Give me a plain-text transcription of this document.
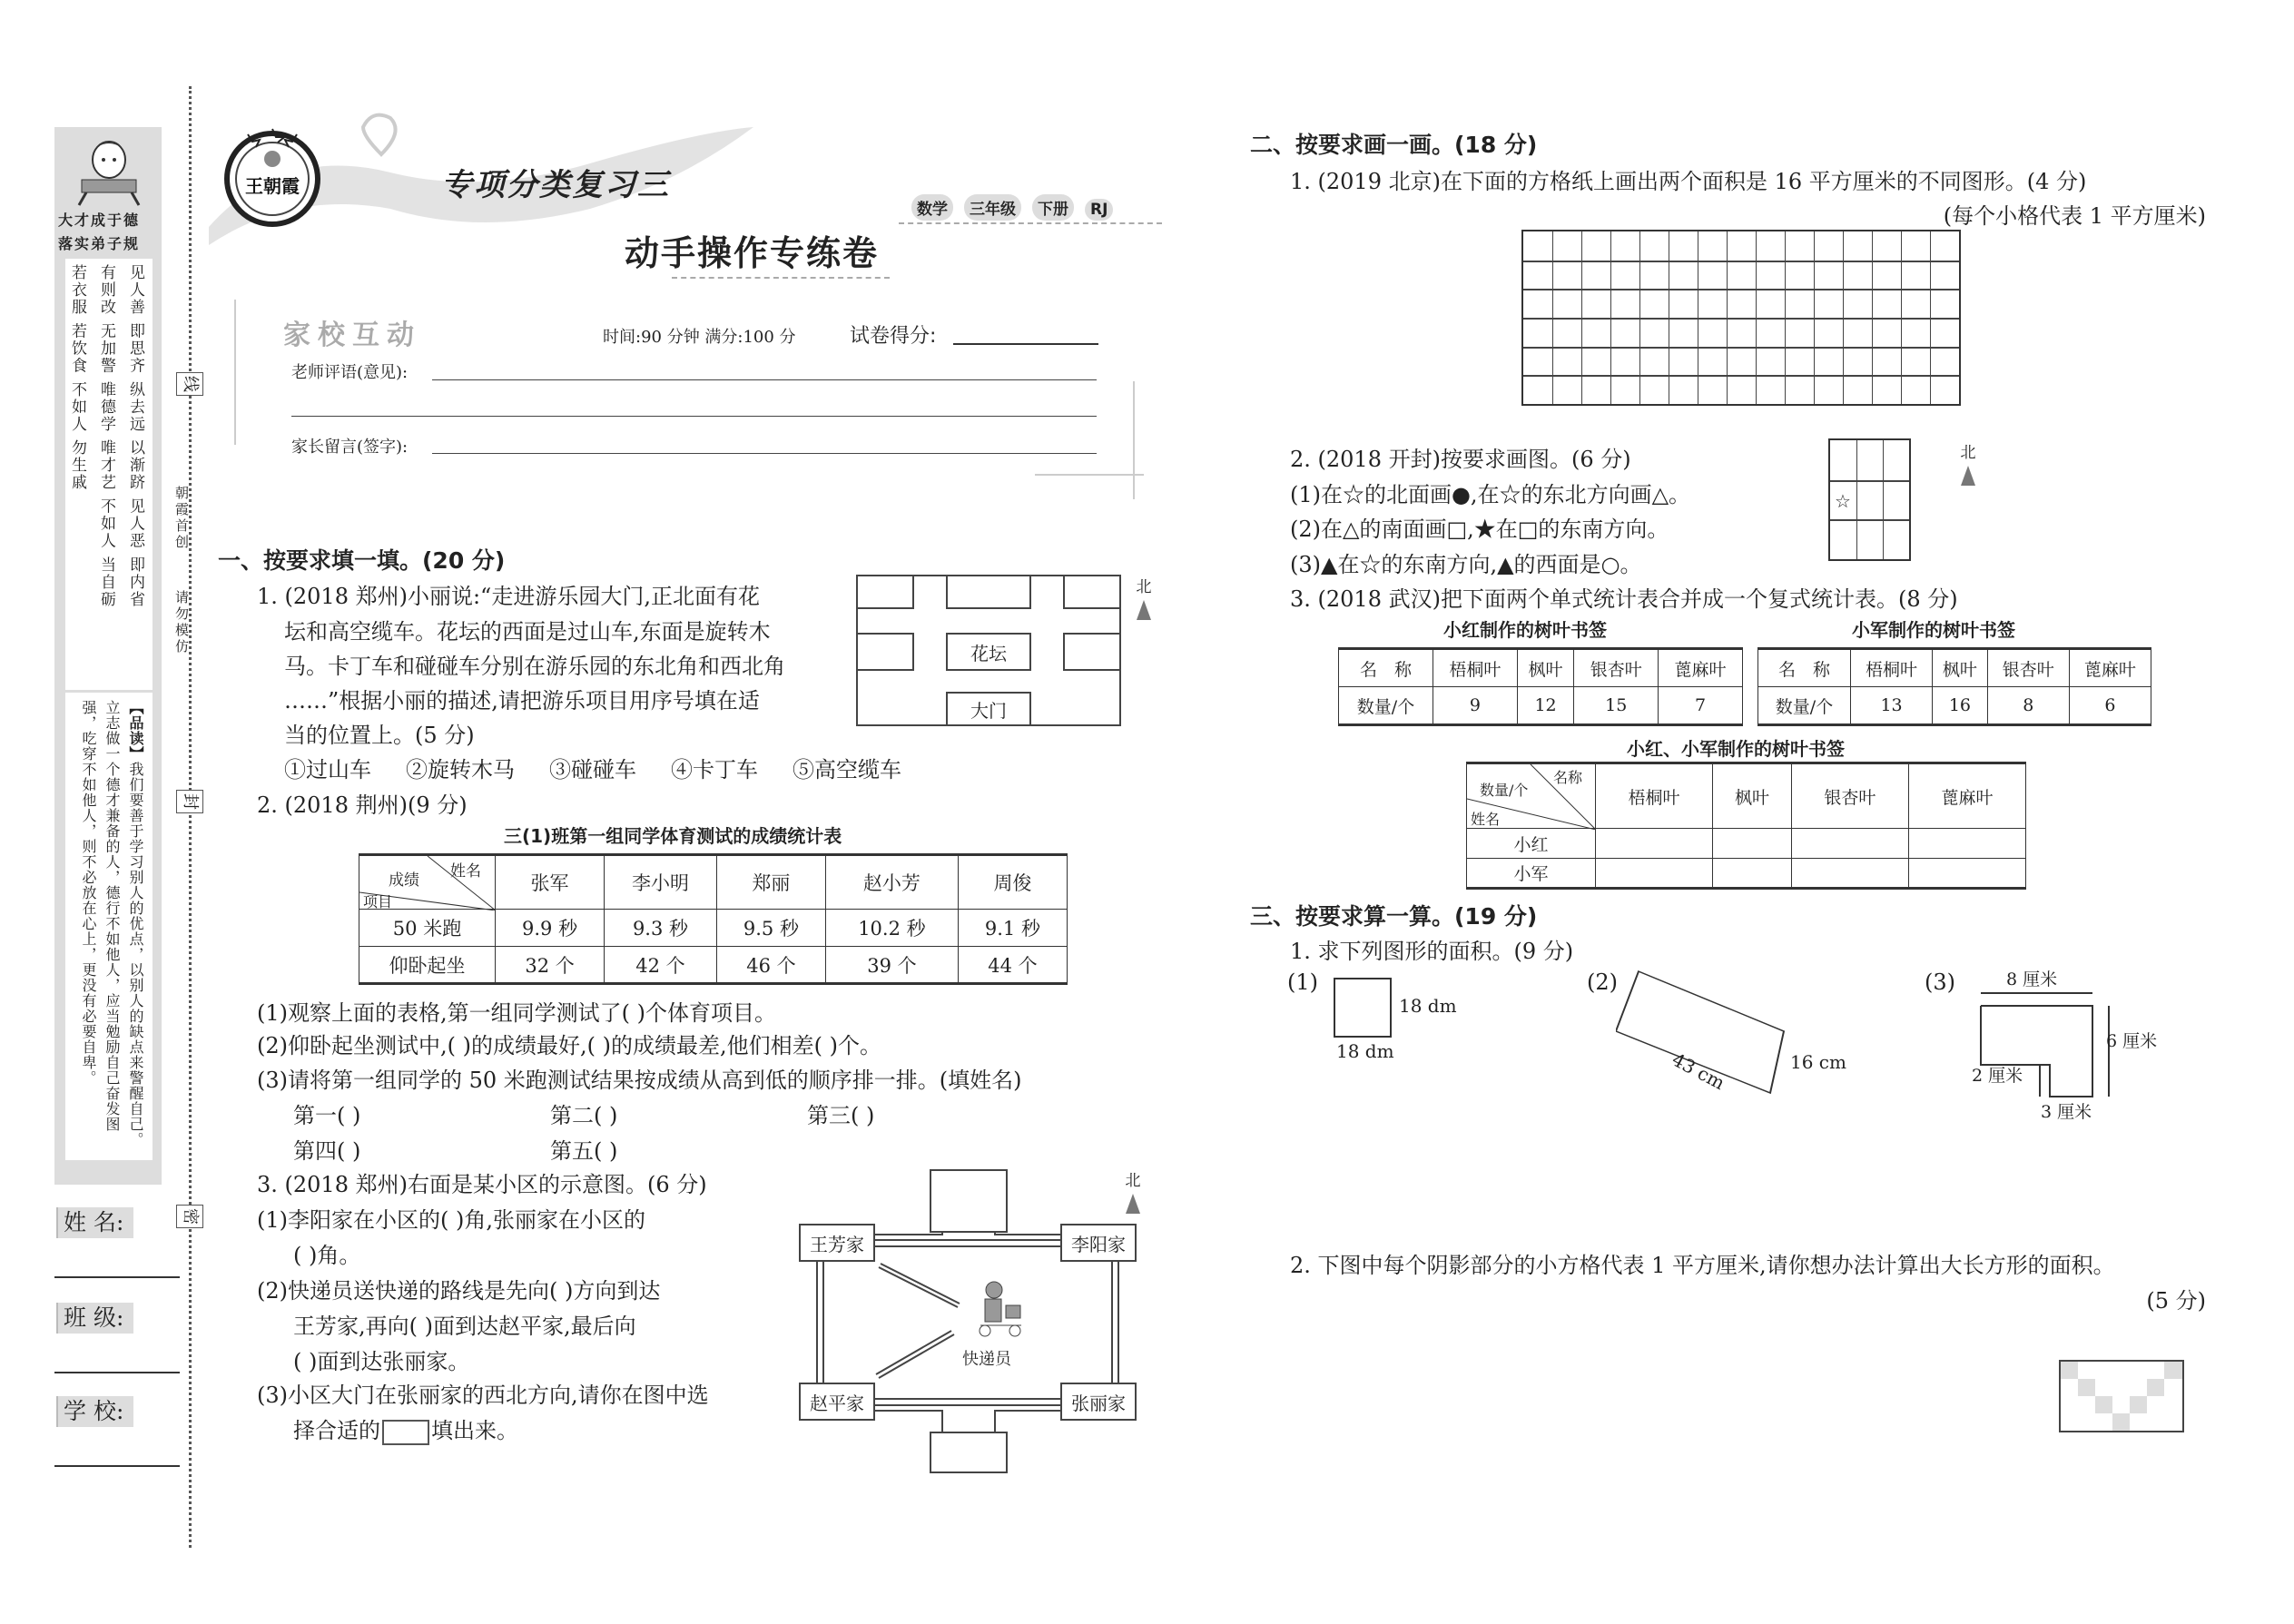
大才成于德
落实弟子规

见人善 即思齐 纵去远 以渐跻 见人恶 即内省

有则改 无加警 唯德学 唯才艺 不如人 当自砺

若衣服 若饮食 不如人 勿生戚

【品读】我们要善于学习别人的优点，以别人的缺点来警醒自己。立志做一个德才兼备的人，德行不如他人，应当勉励自己奋发图强，吃穿不如他人，则不必放在心上，更没有必要自卑。
姓 名:
班 级:
学 校:
线
封
密
朝霞首创
请勿模仿
王朝霞	专项分类复习三
数学 三年级 下册 RJ
动手操作专练卷
家校互动	时间:90 分钟 满分:100 分	试卷得分:
老师评语(意见):
家长留言(签字):
一、按要求填一填。(20 分)
1. (2018 郑州)小丽说:“走进游乐园大门,正北面有花
坛和高空缆车。花坛的西面是过山车,东面是旋转木
马。卡丁车和碰碰车分别在游乐园的东北角和西北角
……”根据小丽的描述,请把游乐项目用序号填在适
当的位置上。(5 分)
①过山车 ②旋转木马 ③碰碰车 ④卡丁车 ⑤高空缆车
花坛
大门
北
2. (2018 荆州)(9 分)
三(1)班第一组同学体育测试的成绩统计表
姓名
成绩
项目	张军	李小明	郑丽	赵小芳	周俊
50 米跑	9.9 秒	9.3 秒	9.5 秒	10.2 秒	9.1 秒
仰卧起坐	32 个	42 个	46 个	39 个	44 个
(1)观察上面的表格,第一组同学测试了( )个体育项目。
(2)仰卧起坐测试中,( )的成绩最好,( )的成绩最差,他们相差( )个。
(3)请将第一组同学的 50 米跑测试结果按成绩从高到低的顺序排一排。(填姓名)
第一( )	第二( )	第三( )
第四( )	第五( )
3. (2018 郑州)右面是某小区的示意图。(6 分)
(1)李阳家在小区的( )角,张丽家在小区的
( )角。
(2)快递员送快递的路线是先向( )方向到达
王芳家,再向( )面到达赵平家,最后向
( )面到达张丽家。
(3)小区大门在张丽家的西北方向,请你在图中选
择合适的 填出来。
王芳家	李阳家
赵平家	张丽家
快递员
北
二、按要求画一画。(18 分)
1. (2019 北京)在下面的方格纸上画出两个面积是 16 平方厘米的不同图形。(4 分)
(每个小格代表 1 平方厘米)
2. (2018 开封)按要求画图。(6 分)
(1)在☆的北面画●,在☆的东北方向画△。
(2)在△的南面画□,★在□的东南方向。
(3)▲在☆的东南方向,▲的西面是○。
☆
北
3. (2018 武汉)把下面两个单式统计表合并成一个复式统计表。(8 分)
小红制作的树叶书签	小军制作的树叶书签
名　称	梧桐叶	枫叶	银杏叶	蓖麻叶
数量/个	9	12	15	7
名　称	梧桐叶	枫叶	银杏叶	蓖麻叶
数量/个	13	16	8	6
小红、小军制作的树叶书签
名称
数量/个
姓名	梧桐叶	枫叶	银杏叶	蓖麻叶
小红				
小军				
三、按要求算一算。(19 分)
1. 求下列图形的面积。(9 分)
(1)
18 dm
18 dm
(2)
43 cm	16 cm
(3)	8 厘米
6 厘米
2 厘米
3 厘米
2. 下图中每个阴影部分的小方格代表 1 平方厘米,请你想办法计算出大长方形的面积。
(5 分)
